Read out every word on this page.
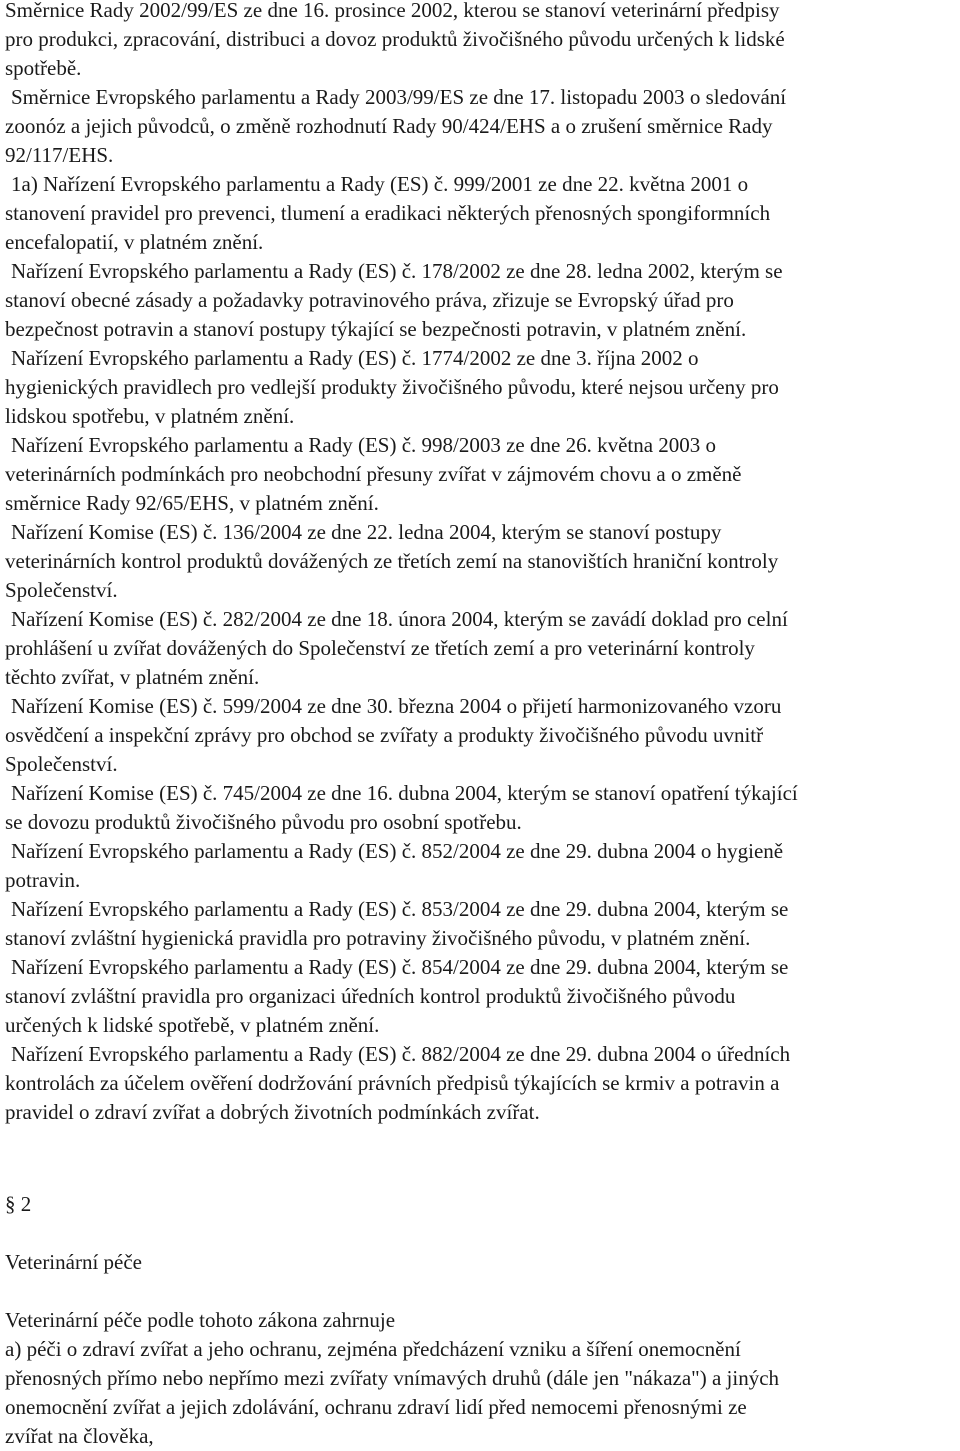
Směrnice Rady 2002/99/ES ze dne 16. prosince 2002, kterou se stanoví veterinární předpisy
pro produkci, zpracování, distribuci a dovoz produktů živočišného původu určených k lidské
spotřebě.
Směrnice Evropského parlamentu a Rady 2003/99/ES ze dne 17. listopadu 2003 o sledování
zoonóz a jejich původců, o změně rozhodnutí Rady 90/424/EHS a o zrušení směrnice Rady
92/117/EHS.
1a) Nařízení Evropského parlamentu a Rady (ES) č. 999/2001 ze dne 22. května 2001 o
stanovení pravidel pro prevenci, tlumení a eradikaci některých přenosných spongiformních
encefalopatií, v platném znění.
Nařízení Evropského parlamentu a Rady (ES) č. 178/2002 ze dne 28. ledna 2002, kterým se
stanoví obecné zásady a požadavky potravinového práva, zřizuje se Evropský úřad pro
bezpečnost potravin a stanoví postupy týkající se bezpečnosti potravin, v platném znění.
Nařízení Evropského parlamentu a Rady (ES) č. 1774/2002 ze dne 3. října 2002 o
hygienických pravidlech pro vedlejší produkty živočišného původu, které nejsou určeny pro
lidskou spotřebu, v platném znění.
Nařízení Evropského parlamentu a Rady (ES) č. 998/2003 ze dne 26. května 2003 o
veterinárních podmínkách pro neobchodní přesuny zvířat v zájmovém chovu a o změně
směrnice Rady 92/65/EHS, v platném znění.
Nařízení Komise (ES) č. 136/2004 ze dne 22. ledna 2004, kterým se stanoví postupy
veterinárních kontrol produktů dovážených ze třetích zemí na stanovištích hraniční kontroly
Společenství.
Nařízení Komise (ES) č. 282/2004 ze dne 18. února 2004, kterým se zavádí doklad pro celní
prohlášení u zvířat dovážených do Společenství ze třetích zemí a pro veterinární kontroly
těchto zvířat, v platném znění.
Nařízení Komise (ES) č. 599/2004 ze dne 30. března 2004 o přijetí harmonizovaného vzoru
osvědčení a inspekční zprávy pro obchod se zvířaty a produkty živočišného původu uvnitř
Společenství.
Nařízení Komise (ES) č. 745/2004 ze dne 16. dubna 2004, kterým se stanoví opatření týkající
se dovozu produktů živočišného původu pro osobní spotřebu.
Nařízení Evropského parlamentu a Rady (ES) č. 852/2004 ze dne 29. dubna 2004 o hygieně
potravin.
Nařízení Evropského parlamentu a Rady (ES) č. 853/2004 ze dne 29. dubna 2004, kterým se
stanoví zvláštní hygienická pravidla pro potraviny živočišného původu, v platném znění.
Nařízení Evropského parlamentu a Rady (ES) č. 854/2004 ze dne 29. dubna 2004, kterým se
stanoví zvláštní pravidla pro organizaci úředních kontrol produktů živočišného původu
určených k lidské spotřebě, v platném znění.
Nařízení Evropského parlamentu a Rady (ES) č. 882/2004 ze dne 29. dubna 2004 o úředních
kontrolách za účelem ověření dodržování právních předpisů týkajících se krmiv a potravin a
pravidel o zdraví zvířat a dobrých životních podmínkách zvířat.
§ 2
Veterinární péče
Veterinární péče podle tohoto zákona zahrnuje
a) péči o zdraví zvířat a jeho ochranu, zejména předcházení vzniku a šíření onemocnění
přenosných přímo nebo nepřímo mezi zvířaty vnímavých druhů (dále jen "nákaza") a jiných
onemocnění zvířat a jejich zdolávání, ochranu zdraví lidí před nemocemi přenosnými ze
zvířat na člověka,
